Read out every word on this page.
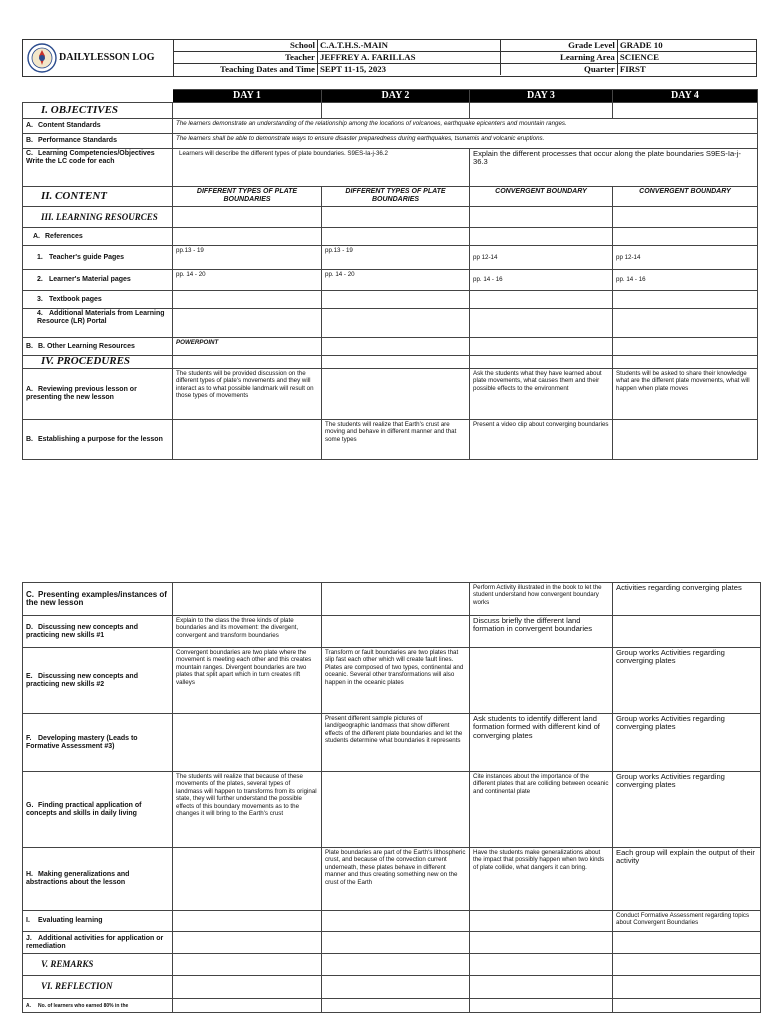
DAILYLESSON LOG
School	C.A.T.H.S.-MAIN	Grade Level	GRADE 10
Teacher	JEFFREY A. FARILLAS	Learning Area	SCIENCE
Teaching Dates and Time	SEPT 11-15, 2023	Quarter	FIRST
	DAY 1	DAY 2	DAY 3	DAY 4
I. OBJECTIVES				
A. Content Standards	The learners demonstrate an understanding of the relationship among the locations of volcanoes, earthquake epicenters and mountain ranges.			
B. Performance Standards	The learners shall be able to demonstrate ways to ensure disaster preparedness during earthquakes, tsunamis and volcanic eruptions.			
C. Learning Competencies/Objectives Write the LC code for each	Learners will describe the different types of plate boundaries. S9ES-Ia-j-36.2		Explain the different processes that occur along the plate boundaries S9ES-Ia-j-36.3	
II. CONTENT	DIFFERENT TYPES OF PLATE BOUNDARIES	DIFFERENT TYPES OF PLATE BOUNDARIES	CONVERGENT BOUNDARY	CONVERGENT BOUNDARY
III. LEARNING RESOURCES				
A. References				
1. Teacher's guide Pages	pp.13 - 19	pp.13 - 19	pp 12-14	pp 12-14
2. Learner's Material pages	pp. 14 - 20	pp. 14 - 20	pp. 14 - 16	pp. 14 - 16
3. Textbook pages				
4. Additional Materials from Learning Resource (LR) Portal				
B. B. Other Learning Resources	POWERPOINT			
IV. PROCEDURES				
A. Reviewing previous lesson or presenting the new lesson	The students will be provided discussion on the different types of plate's movements and they will interact as to what possible landmark will result on those types of movements		Ask the students what they have learned about plate movements, what causes them and their possible effects to the environment	Students will be asked to share their knowledge what are the different plate movements, what will happen when plate moves
B. Establishing a purpose for the lesson		The students will realize that Earth's crust are moving and behave in different manner and that some types	Present a video clip about converging boundaries	
C. Presenting examples/instances of the new lesson			Perform Activity illustrated in the book to let the student understand how convergent boundary works	Activities regarding converging plates
D. Discussing new concepts and practicing new skills #1	Explain to the class the three kinds of plate boundaries and its movement: the divergent, convergent and transform boundaries		Discuss briefly the different land formation in convergent boundaries	
E. Discussing new concepts and practicing new skills #2	Convergent boundaries are two plate where the movement is meeting each other and this creates mountain ranges. Divergent boundaries are two plates that split apart which in turn creates rift valleys	Transform or fault boundaries are two plates that slip fast each other which will create fault lines. Plates are composed of two types, continental and oceanic. Several other transformations will also happen in the oceanic plates		Group works Activities regarding converging plates
F. Developing mastery (Leads to Formative Assessment #3)		Present different sample pictures of land/geographic landmass that show different effects of the different plate boundaries and let the students determine what boundaries it represents	Ask students to identify different land formation formed with different kind of converging plates	Group works Activities regarding converging plates
G. Finding practical application of concepts and skills in daily living	The students will realize that because of these movements of the plates, several types of landmass will happen to transforms from its original state, they will further understand the possible effects of this boundary movements as to the changes it will bring to the Earth's crust		Cite instances about the importance of the different plates that are colliding between oceanic and continental plate	Group works Activities regarding converging plates
H. Making generalizations and abstractions about the lesson		Plate boundaries are part of the Earth's lithospheric crust, and because of the convection current underneath, these plates behave in different manner and thus creating something new on the crust of the Earth	Have the students make generalizations about the impact that possibly happen when two kinds of plate collide, what dangers it can bring.	Each group will explain the output of their activity
I. Evaluating learning				Conduct Formative Assessment regarding topics about Convergent Boundaries
J. Additional activities for application or remediation				
V. REMARKS				
VI. REFLECTION				
A. No. of learners who earned 80% in the				
